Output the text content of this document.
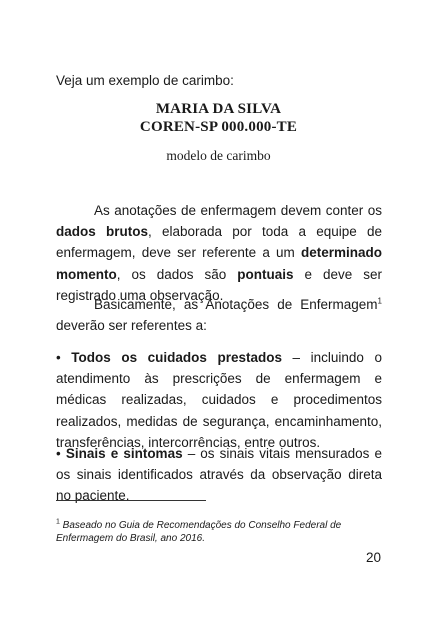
Veja um exemplo de carimbo:
MARIA DA SILVA
COREN-SP 000.000-TE
modelo de carimbo

As anotações de enfermagem devem conter os dados brutos, elaborada por toda a equipe de enfermagem, deve ser referente a um determinado momento, os dados são pontuais e deve ser registrado uma observação.

Basicamente, as Anotações de Enfermagem$^1$ deverão ser referentes a:

• Todos os cuidados prestados – incluindo o atendimento às prescrições de enfermagem e médicas realizadas, cuidados e procedimentos realizados, medidas de segurança, encaminhamento, transferências, intercorrências, entre outros.

• Sinais e sintomas – os sinais vitais mensurados e os sinais identificados através da observação direta no paciente.

$^1$ Baseado no Guia de Recomendações do Conselho Federal de Enfermagem do Brasil, ano 2016.

20
